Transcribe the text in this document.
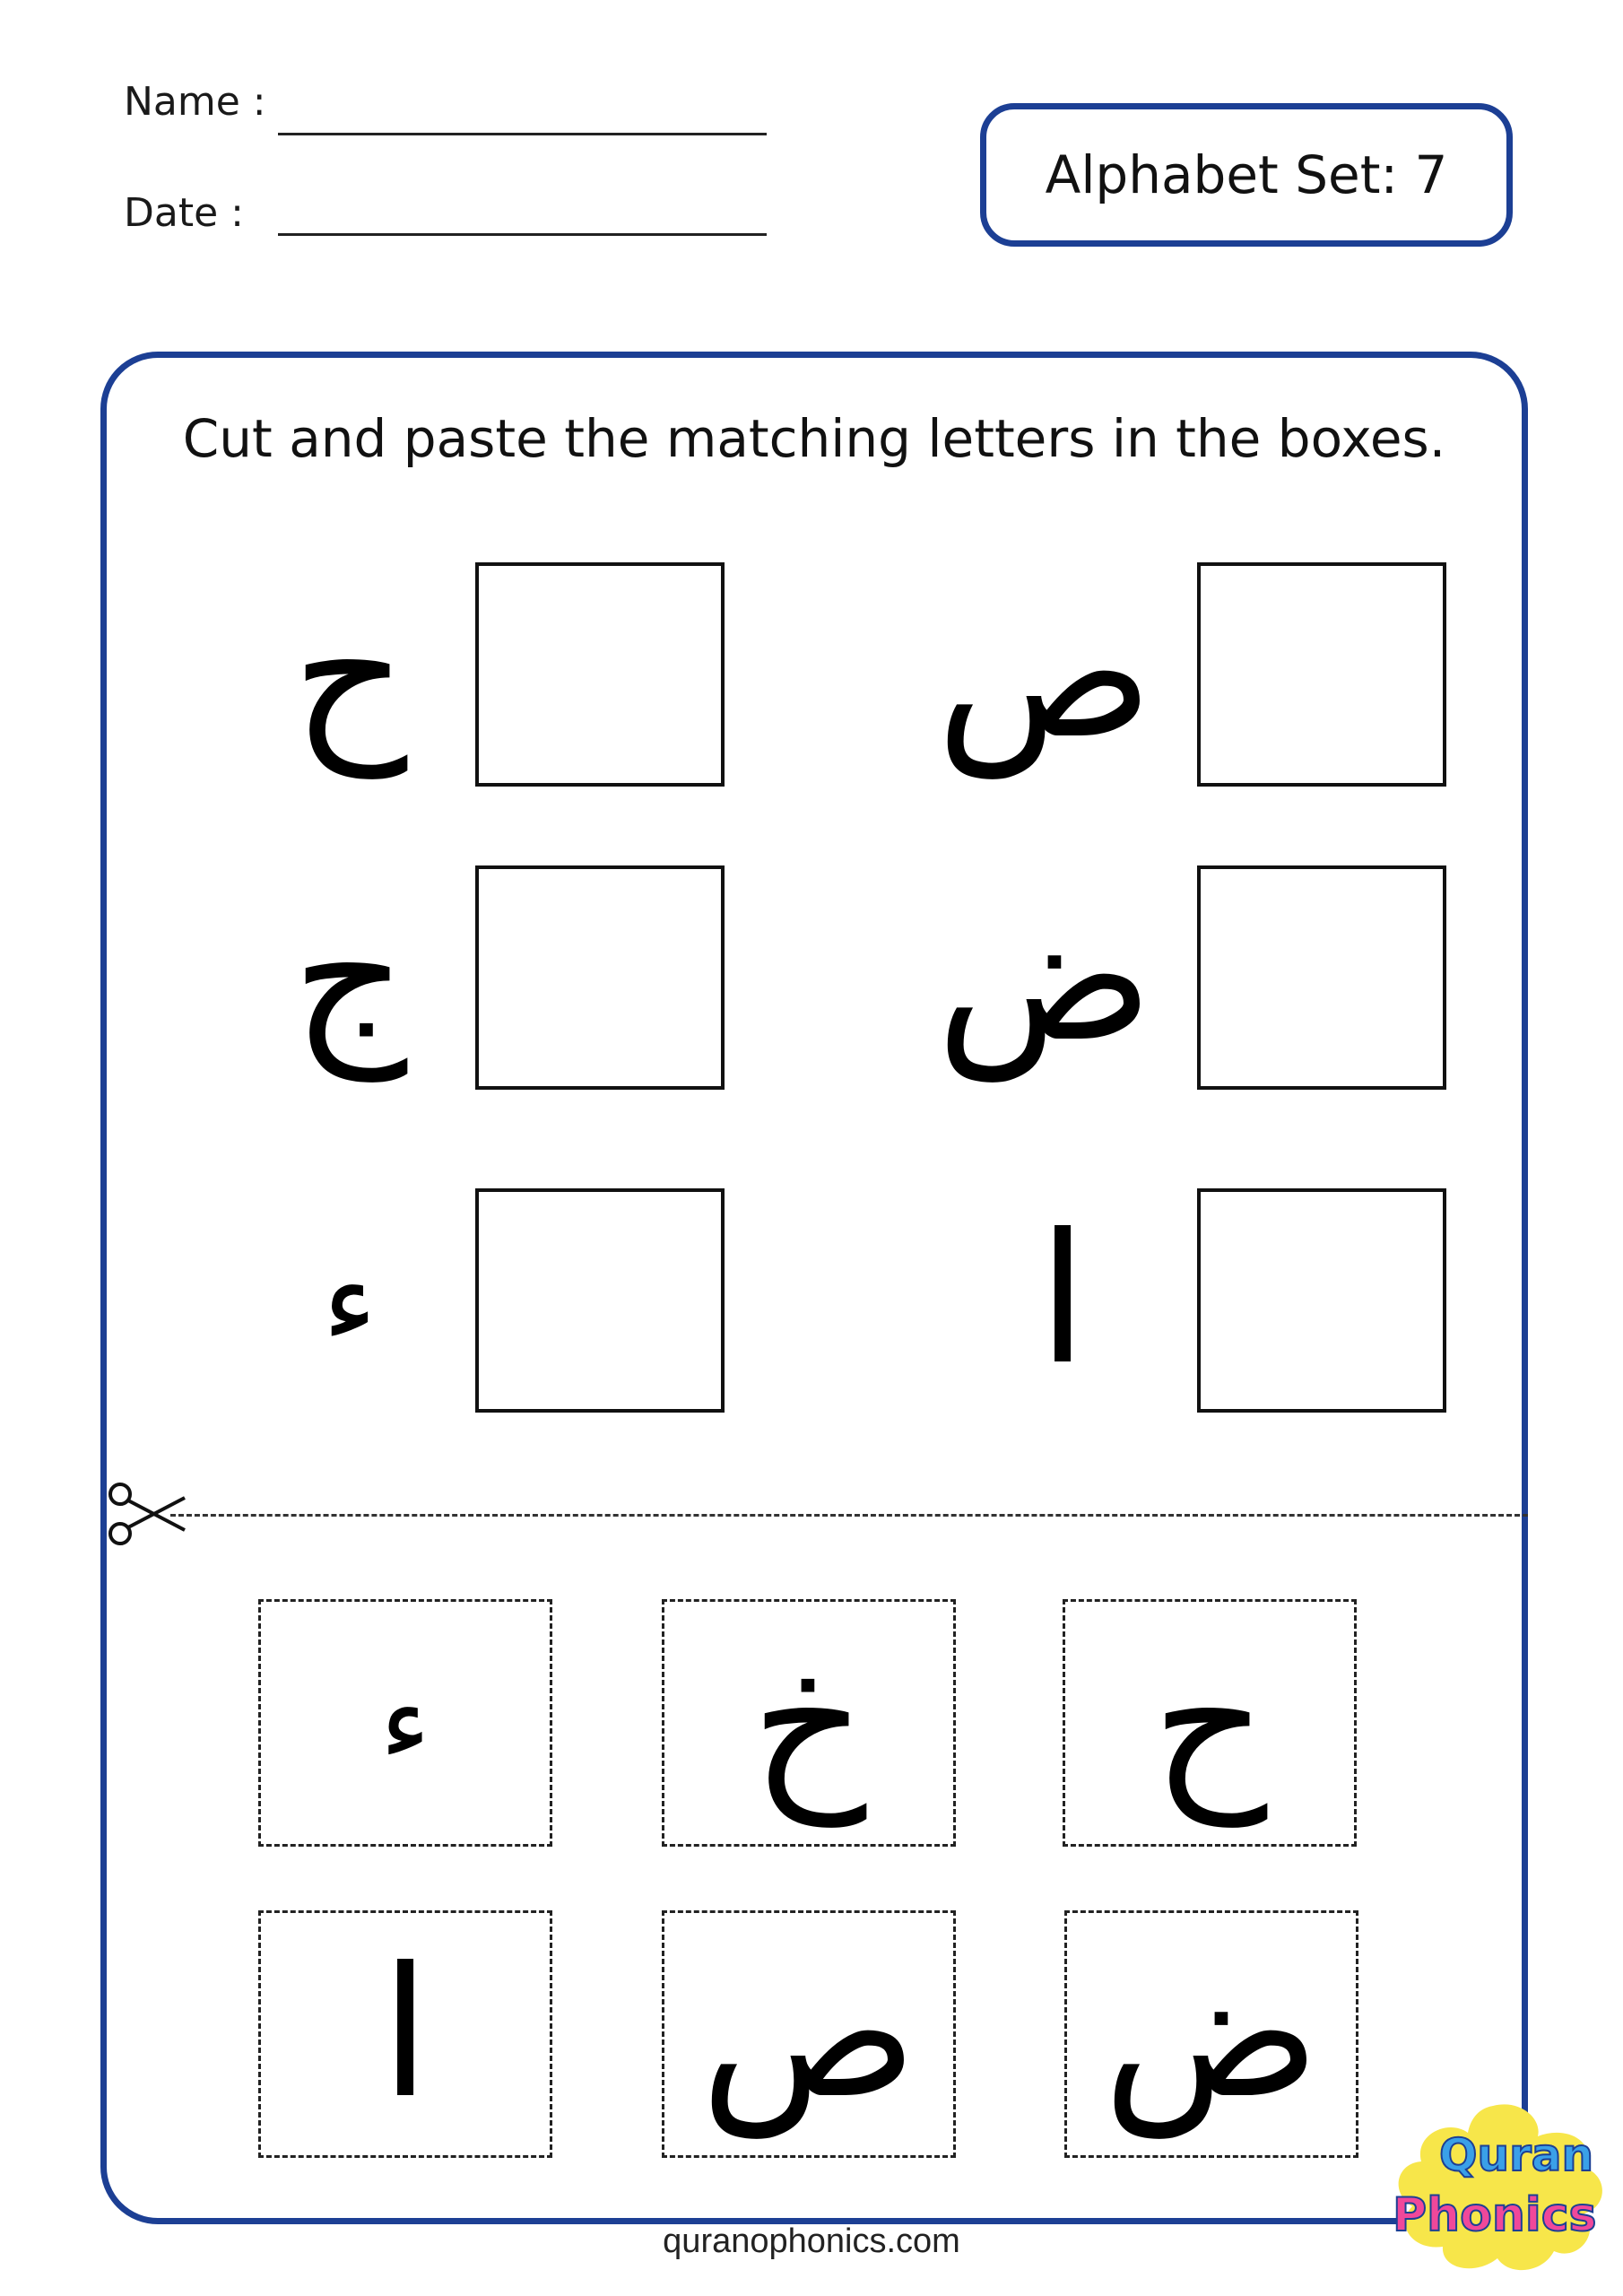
Name :
Date :
Alphabet Set: 7
Cut and paste the matching letters in the boxes.
ح	ص
ج	ض
ء	ا
ء	خ	ح
ا	ص ض
quranophonics.com
Quran
Phonics
